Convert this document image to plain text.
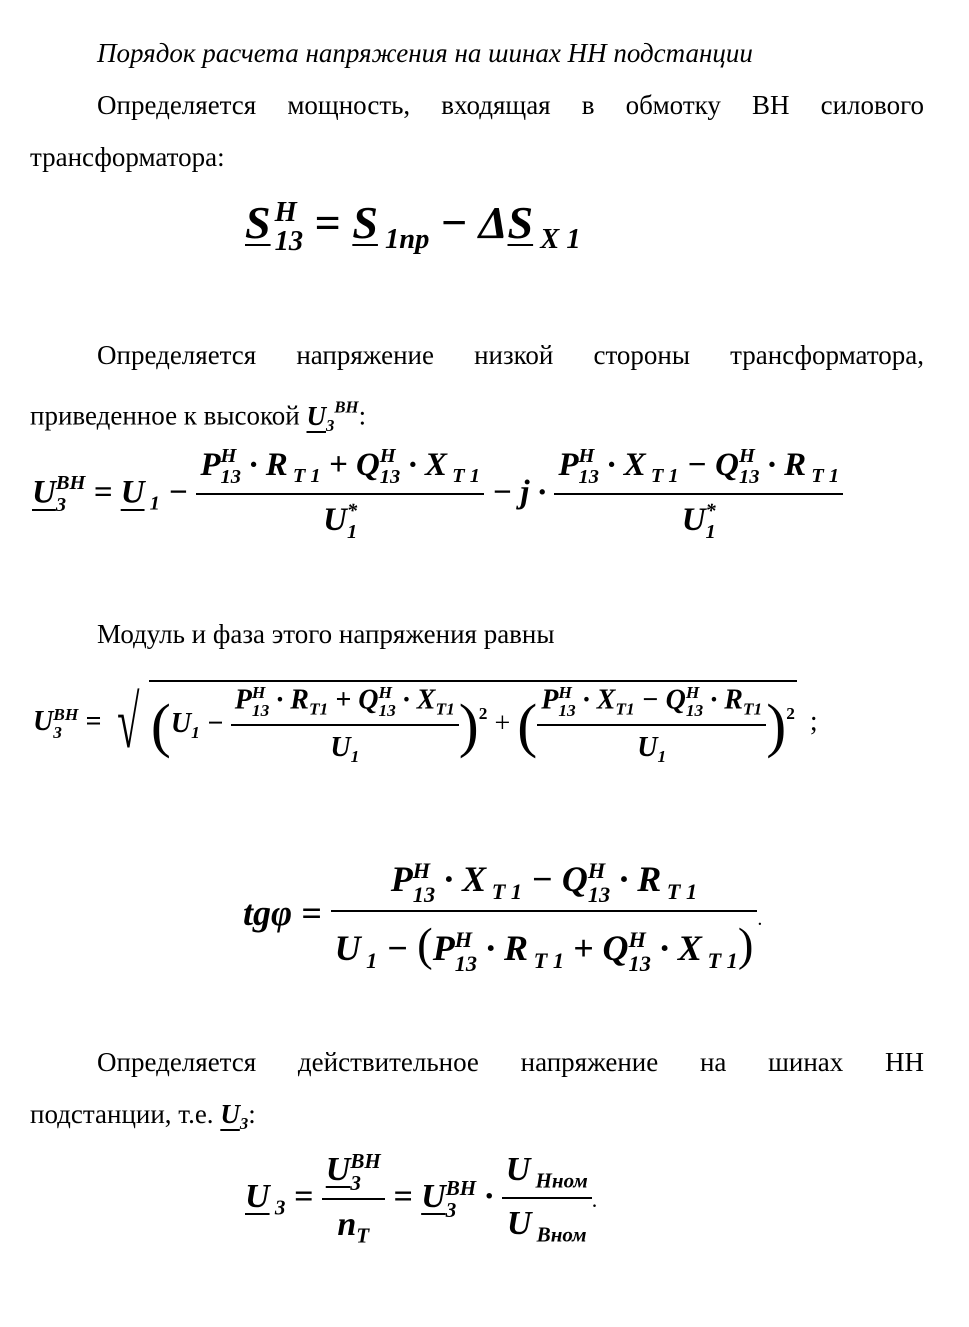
Порядок расчета напряжения на шинах НН подстанции
Определяется мощность, входящая в обмотку ВН силового
трансформатора:
S H
13 = S $_{1nр}$ − ΔS $_{X 1}$
Определяется напряжение низкой стороны трансформатора,
приведенное к высокой $U_3^{ВН}$:
U ВН
3 = U $_1$ − P H
13 · R $_{T 1}$ + Q H
13 · X $_{T 1}$
U *
1 − j · P H
13 · X $_{T 1}$ − Q H
13 · R $_{T 1}$
U *
1
Модуль и фаза этого напряжения равны
U ВН
3 = √ ($U_1 - P$ H
$13 \cdot R_{T1} + Q$ H
$13 \cdot X_{T1}$
$U_1$ )$^2$ + ( P H
$13 \cdot X_{T1} - Q$ H
$13 \cdot R_{T1}$
$U_1$ )$^2$ ;
tgφ = P H
13 · X $_{T 1}$ − Q H
13 · R $_{T 1}$
U $_1$ − (P H
13 · R $_{T 1}$ + Q H
13 · X $_{T 1}$) .
Определяется действительное напряжение на шинах НН
подстанции, т.е. $U_3$:
U $_3$ = U ВН
3
$n_T = U$ ВН
$3 \cdot \frac{U _{Нном}}{U _{Вном}}$ .
